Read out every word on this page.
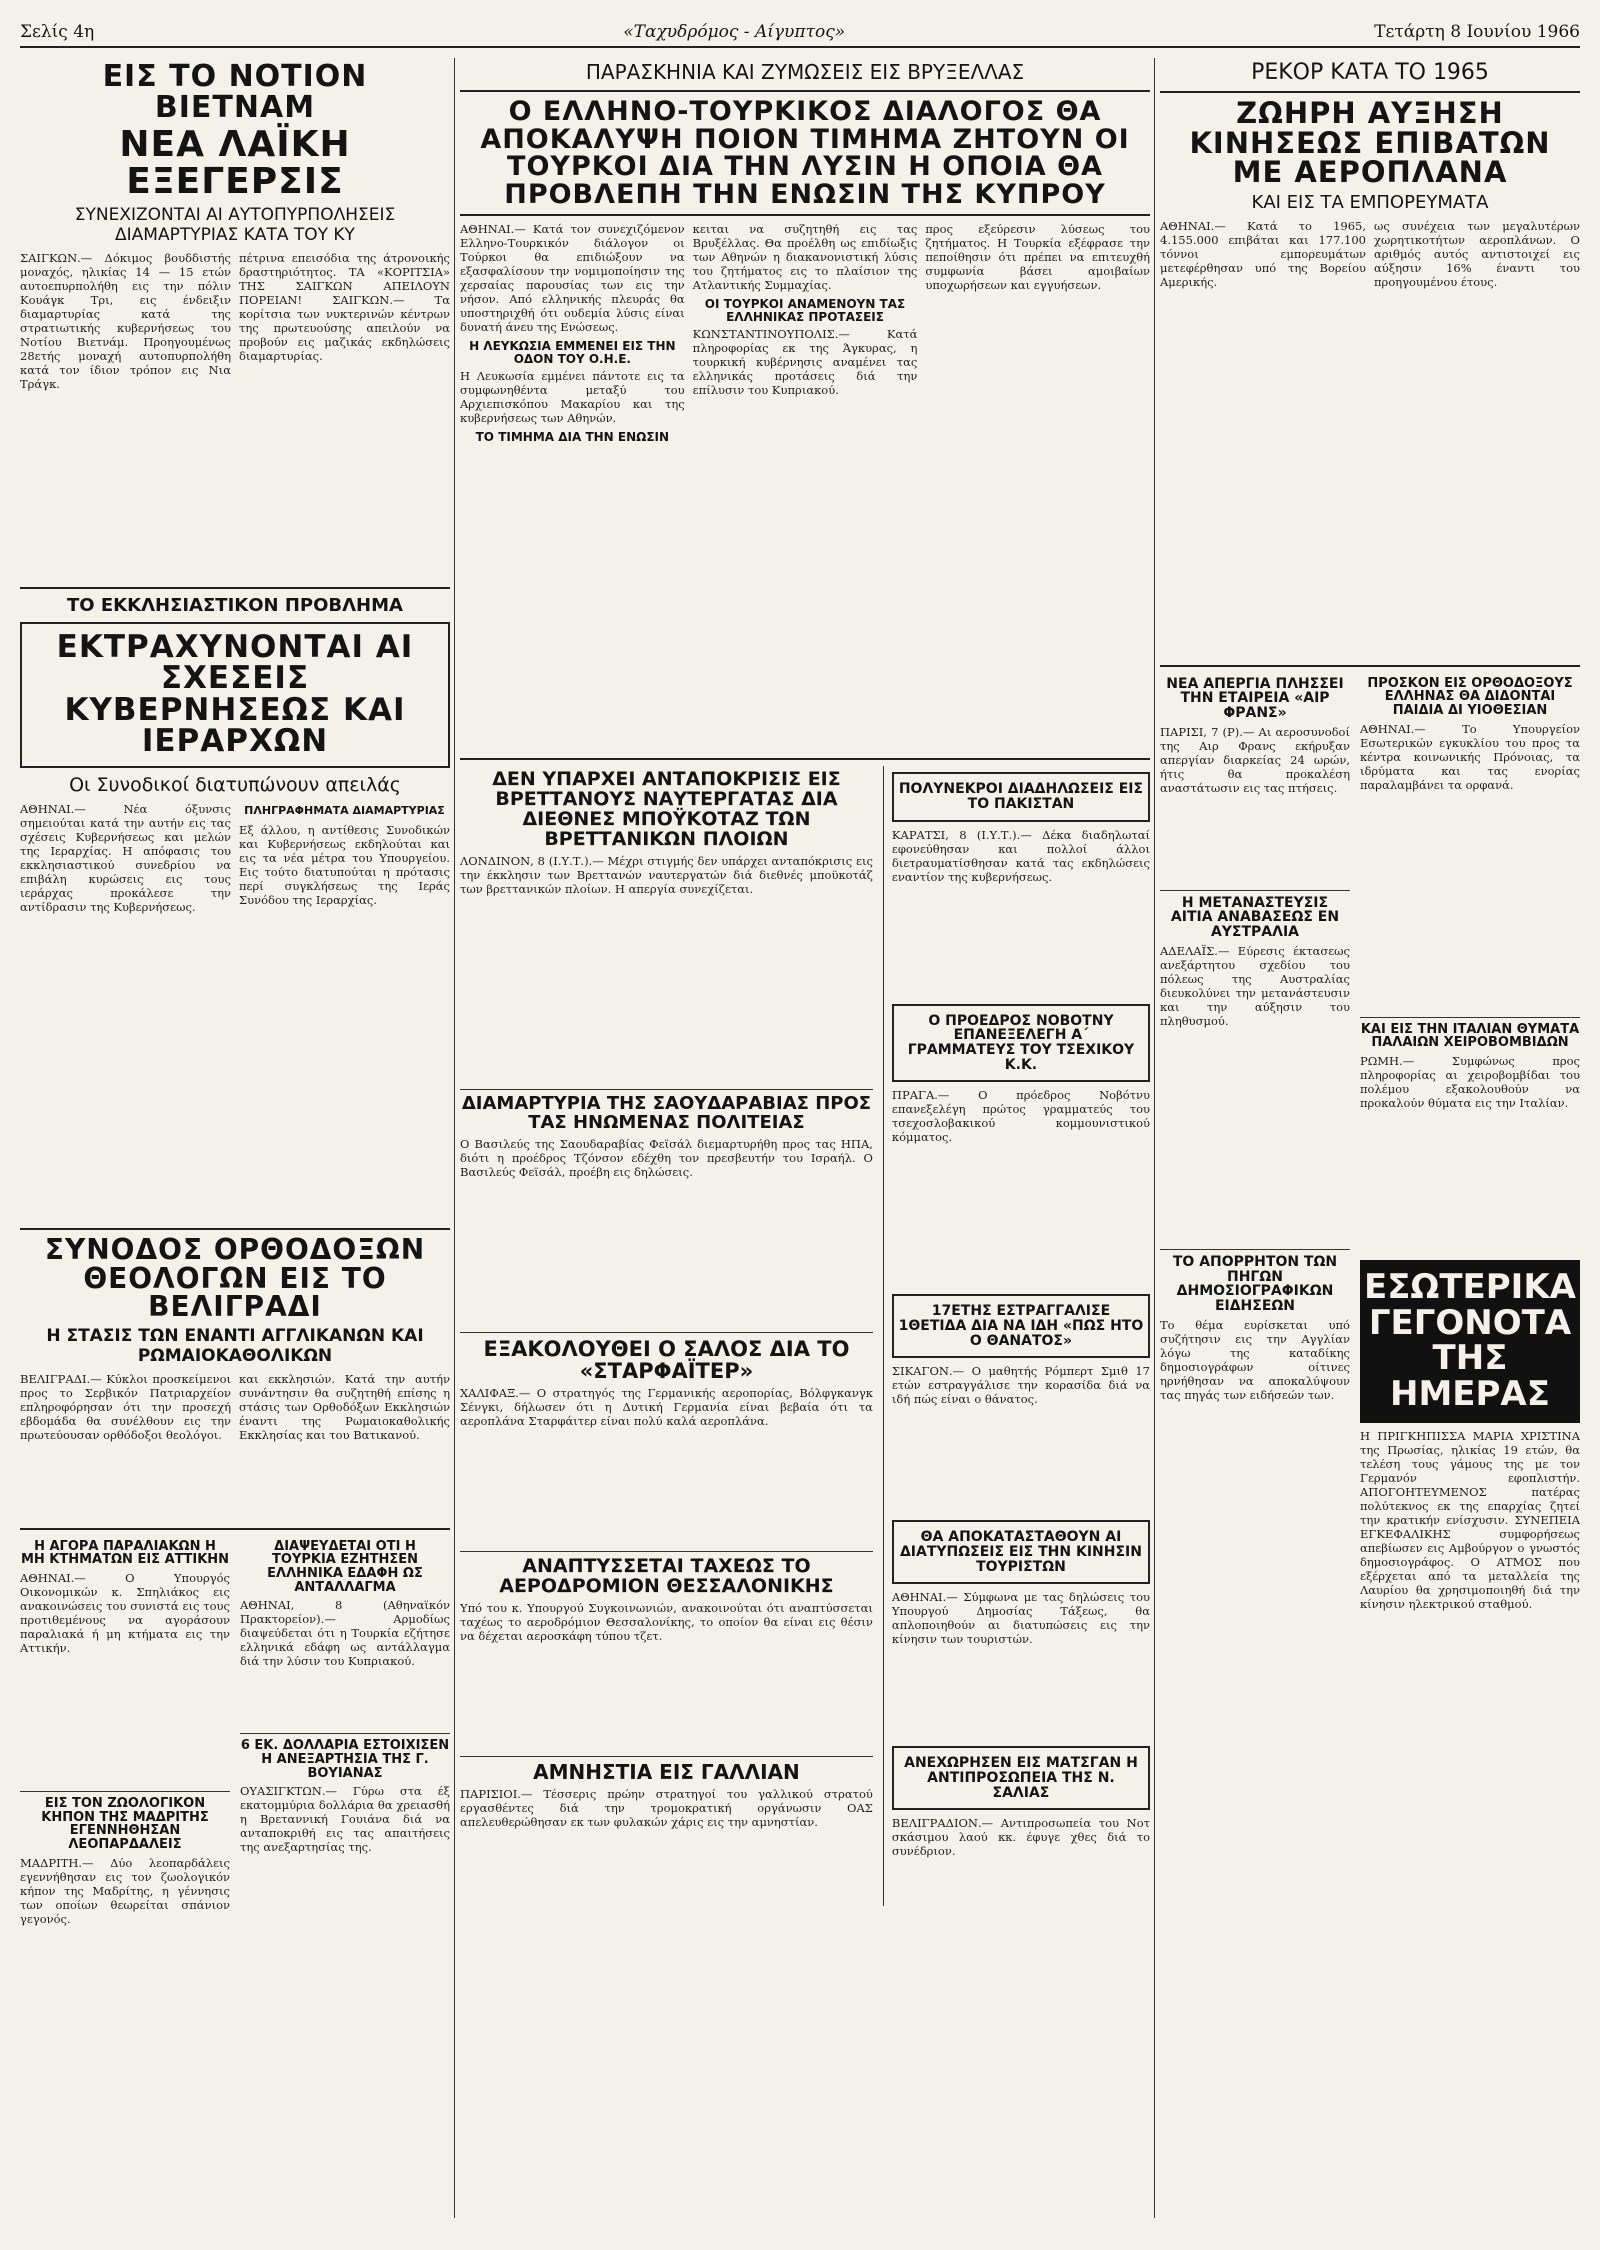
Σελίς 4η	«Ταχυδρόμος - Αίγυπτος»	Τετάρτη 8 Ιουνίου 1966
ΕΙΣ ΤΟ ΝΟΤΙΟΝ ΒΙΕΤΝΑΜ
ΝΕΑ ΛΑΪΚΗ ΕΞΕΓΕΡΣΙΣ
ΣΥΝΕΧΙΖΟΝΤΑΙ ΑΙ ΑΥΤΟΠΥΡΠΟΛΗΣΕΙΣ ΔΙΑΜΑΡΤΥΡΙΑΣ ΚΑΤΑ ΤΟΥ ΚΥ
ΣΑΙΓΚΩΝ.— Δόκιμος βουδδιστής μοναχός, ηλικίας 14 — 15 ετών αυτοεπυρπολήθη εις την πόλιν Κουάγκ Τρι, εις ένδειξιν διαμαρτυρίας κατά της στρατιωτικής κυβερνήσεως του Νοτίου Βιετνάμ. Προηγουμένως 28ετής μοναχή αυτοπυρπολήθη κατά τον ίδιον τρόπον εις Νια Τράγκ.
πέτρινα επεισόδια της άτρονοικής δραστηριότητος. ΤΑ «ΚΟΡΙΤΣΙΑ» ΤΗΣ ΣΑΙΓΚΩΝ ΑΠΕΙΛΟΥΝ ΠΟΡΕΙΑΝ! ΣΑΙΓΚΩΝ.— Τα κορίτσια των νυκτερινών κέντρων της πρωτευούσης απειλούν να προβούν εις μαζικάς εκδηλώσεις διαμαρτυρίας.
ΤΟ ΕΚΚΛΗΣΙΑΣΤΙΚΟΝ ΠΡΟΒΛΗΜΑ
ΕΚΤΡΑΧΥΝΟΝΤΑΙ ΑΙ ΣΧΕΣΕΙΣ ΚΥΒΕΡΝΗΣΕΩΣ ΚΑΙ ΙΕΡΑΡΧΩΝ
Οι Συνοδικοί διατυπώνουν απειλάς
ΑΘΗΝΑΙ.— Νέα όξυνσις σημειούται κατά την αυτήν εις τας σχέσεις Κυβερνήσεως και μελών της Ιεραρχίας. Η απόφασις του εκκλησιαστικού συνεδρίου να επιβάλη κυρώσεις εις τους ιεράρχας προκάλεσε την αντίδρασιν της Κυβερνήσεως.
ΠΛΗΓΡΑΦΗΜΑΤΑ ΔΙΑΜΑΡΤΥΡΙΑΣ
Εξ άλλου, η αντίθεσις Συνοδικών και Κυβερνήσεως εκδηλούται και εις τα νέα μέτρα του Υπουργείου. Εις τούτο διατυπούται η πρότασις περί συγκλήσεως της Ιεράς Συνόδου της Ιεραρχίας.
ΣΥΝΟΔΟΣ ΟΡΘΟΔΟΞΩΝ ΘΕΟΛΟΓΩΝ ΕΙΣ ΤΟ ΒΕΛΙΓΡΑΔΙ
Η ΣΤΑΣΙΣ ΤΩΝ ΕΝΑΝΤΙ ΑΓΓΛΙΚΑΝΩΝ ΚΑΙ ΡΩΜΑΙΟΚΑΘΟΛΙΚΩΝ
ΒΕΛΙΓΡΑΔΙ.— Κύκλοι προσκείμενοι προς το Σερβικόν Πατριαρχείον επληροφόρησαν ότι την προσεχή εβδομάδα θα συνέλθουν εις την πρωτεύουσαν ορθόδοξοι θεολόγοι.
και εκκλησιών. Κατά την αυτήν συνάντησιν θα συζητηθή επίσης η στάσις των Ορθοδόξων Εκκλησιών έναντι της Ρωμαιοκαθολικής Εκκλησίας και του Βατικανού.
Η ΑΓΟΡΑ ΠΑΡΑΛΙΑΚΩΝ Η ΜΗ ΚΤΗΜΑΤΩΝ ΕΙΣ ΑΤΤΙΚΗΝ
ΑΘΗΝΑΙ.— Ο Υπουργός Οικονομικών κ. Σπηλιάκος εις ανακοινώσεις του συνιστά εις τους προτιθεμένους να αγοράσουν παραλιακά ή μη κτήματα εις την Αττικήν.
ΕΙΣ ΤΟΝ ΖΩΟΛΟΓΙΚΟΝ ΚΗΠΟΝ ΤΗΣ ΜΑΔΡΙΤΗΣ ΕΓΕΝΝΗΘΗΣΑΝ ΛΕΟΠΑΡΔΑΛΕΙΣ
ΜΑΔΡΙΤΗ.— Δύο λεοπαρδάλεις εγεννήθησαν εις τον ζωολογικόν κήπον της Μαδρίτης, η γέννησις των οποίων θεωρείται σπάνιον γεγονός.
ΔΙΑΨΕΥΔΕΤΑΙ ΟΤΙ Η ΤΟΥΡΚΙΑ ΕΖΗΤΗΣΕΝ ΕΛΛΗΝΙΚΑ ΕΔΑΦΗ ΩΣ ΑΝΤΑΛΛΑΓΜΑ
ΑΘΗΝΑΙ, 8 (Αθηναϊκόν Πρακτορείον).— Αρμοδίως διαψεύδεται ότι η Τουρκία εζήτησε ελληνικά εδάφη ως αντάλλαγμα διά την λύσιν του Κυπριακού.
6 ΕΚ. ΔΟΛΛΑΡΙΑ ΕΣΤΟΙΧΙΣΕΝ Η ΑΝΕΞΑΡΤΗΣΙΑ ΤΗΣ Γ. ΒΟΥΙΑΝΑΣ
ΟΥΑΣΙΓΚΤΩΝ.— Γύρω στα έξ εκατομμύρια δολλάρια θα χρειασθή η Βρεταννική Γουιάνα διά να ανταποκριθή εις τας απαιτήσεις της ανεξαρτησίας της.
ΠΑΡΑΣΚΗΝΙΑ ΚΑΙ ΖΥΜΩΣΕΙΣ ΕΙΣ ΒΡΥΞΕΛΛΑΣ
Ο ΕΛΛΗΝΟ-ΤΟΥΡΚΙΚΟΣ ΔΙΑΛΟΓΟΣ ΘΑ ΑΠΟΚΑΛΥΨΗ ΠΟΙΟΝ ΤΙΜΗΜΑ ΖΗΤΟΥΝ ΟΙ ΤΟΥΡΚΟΙ ΔΙΑ ΤΗΝ ΛΥΣΙΝ Η ΟΠΟΙΑ ΘΑ ΠΡΟΒΛΕΠΗ ΤΗΝ ΕΝΩΣΙΝ ΤΗΣ ΚΥΠΡΟΥ
ΑΘΗΝΑΙ.— Κατά τον συνεχιζόμενον Ελληνο-Τουρκικόν διάλογον οι Τούρκοι θα επιδιώξουν να εξασφαλίσουν την νομιμοποίησιν της χερσαίας παρουσίας των εις την νήσον. Από ελληνικής πλευράς θα υποστηριχθή ότι ουδεμία λύσις είναι δυνατή άνευ της Ενώσεως.
Η ΛΕΥΚΩΣΙΑ ΕΜΜΕΝΕΙ ΕΙΣ ΤΗΝ ΟΔΟΝ ΤΟΥ Ο.Η.Ε.
Η Λευκωσία εμμένει πάντοτε εις τα συμφωνηθέντα μεταξύ του Αρχιεπισκόπου Μακαρίου και της κυβερνήσεως των Αθηνών.
ΤΟ ΤΙΜΗΜΑ ΔΙΑ ΤΗΝ ΕΝΩΣΙΝ
κειται να συζητηθή εις τας Βρυξέλλας. Θα προέλθη ως επιδίωξις των Αθηνών η διακανονιστική λύσις του ζητήματος εις το πλαίσιον της Ατλαντικής Συμμαχίας.
ΟΙ ΤΟΥΡΚΟΙ ΑΝΑΜΕΝΟΥΝ ΤΑΣ ΕΛΛΗΝΙΚΑΣ ΠΡΟΤΑΣΕΙΣ
ΚΩΝΣΤΑΝΤΙΝΟΥΠΟΛΙΣ.— Κατά πληροφορίας εκ της Άγκυρας, η τουρκική κυβέρνησις αναμένει τας ελληνικάς προτάσεις διά την επίλυσιν του Κυπριακού.
προς εξεύρεσιν λύσεως του ζητήματος. Η Τουρκία εξέφρασε την πεποίθησιν ότι πρέπει να επιτευχθή συμφωνία βάσει αμοιβαίων υποχωρήσεων και εγγυήσεων.
ΔΕΝ ΥΠΑΡΧΕΙ ΑΝΤΑΠΟΚΡΙΣΙΣ ΕΙΣ ΒΡΕΤΤΑΝΟΥΣ ΝΑΥΤΕΡΓΑΤΑΣ ΔΙΑ ΔΙΕΘΝΕΣ ΜΠΟΫΚΟΤΑΖ ΤΩΝ ΒΡΕΤΤΑΝΙΚΩΝ ΠΛΟΙΩΝ
ΛΟΝΔΙΝΟΝ, 8 (Ι.Υ.Τ.).— Μέχρι στιγμής δεν υπάρχει ανταπόκρισις εις την έκκλησιν των Βρεττανών ναυτεργατών διά διεθνές μποϋκοτάζ των βρεττανικών πλοίων. Η απεργία συνεχίζεται.
ΔΙΑΜΑΡΤΥΡΙΑ ΤΗΣ ΣΑΟΥΔΑΡΑΒΙΑΣ ΠΡΟΣ ΤΑΣ ΗΝΩΜΕΝΑΣ ΠΟΛΙΤΕΙΑΣ
Ο Βασιλεύς της Σαουδαραβίας Φεϊσάλ διεμαρτυρήθη προς τας ΗΠΑ, διότι η προέδρος Τζόνσον εδέχθη τον πρεσβευτήν του Ισραήλ. Ο Βασιλεύς Φεϊσάλ, προέβη εις δηλώσεις.
ΕΞΑΚΟΛΟΥΘΕΙ Ο ΣΑΛΟΣ ΔΙΑ ΤΟ «ΣΤΑΡΦΑΪΤΕΡ»
ΧΑΛΙΦΑΞ.— Ο στρατηγός της Γερμανικής αεροπορίας, Βόλφγκανγκ Σένγκι, δήλωσεν ότι η Δυτική Γερμανία είναι βεβαία ότι τα αεροπλάνα Σταρφάιτερ είναι πολύ καλά αεροπλάνα.
ΑΝΑΠΤΥΣΣΕΤΑΙ ΤΑΧΕΩΣ ΤΟ ΑΕΡΟΔΡΟΜΙΟΝ ΘΕΣΣΑΛΟΝΙΚΗΣ
Υπό του κ. Υπουργού Συγκοινωνιών, ανακοινούται ότι αναπτύσσεται ταχέως το αεροδρόμιον Θεσσαλονίκης, το οποίον θα είναι εις θέσιν να δέχεται αεροσκάφη τύπου τζετ.
ΑΜΝΗΣΤΙΑ ΕΙΣ ΓΑΛΛΙΑΝ
ΠΑΡΙΣΙΟΙ.— Τέσσερις πρώην στρατηγοί του γαλλικού στρατού εργασθέντες διά την τρομοκρατική οργάνωσιν ΟΑΣ απελευθερώθησαν εκ των φυλακών χάρις εις την αμνηστίαν.
ΠΟΛΥΝΕΚΡΟΙ ΔΙΑΔΗΛΩΣΕΙΣ ΕΙΣ ΤΟ ΠΑΚΙΣΤΑΝ
ΚΑΡΑΤΣΙ, 8 (Ι.Υ.Τ.).— Δέκα διαδηλωταί εφονεύθησαν και πολλοί άλλοι διετραυματίσθησαν κατά τας εκδηλώσεις εναντίον της κυβερνήσεως.
Ο ΠΡΟΕΔΡΟΣ ΝΟΒΟΤΝΥ ΕΠΑΝΕΞΕΛΕΓΗ Α΄ ΓΡΑΜΜΑΤΕΥΣ ΤΟΥ ΤΣΕΧΙΚΟΥ Κ.Κ.
ΠΡΑΓΑ.— Ο πρόεδρος Νοβότνυ επανεξελέγη πρώτος γραμματεύς του τσεχοσλοβακικού κομμουνιστικού κόμματος.
17ΕΤΗΣ ΕΣΤΡΑΓΓΑΛΙΣΕ 1ΘΕΤΙΔΑ ΔΙΑ ΝΑ ΙΔΗ «ΠΩΣ ΗΤΟ Ο ΘΑΝΑΤΟΣ»
ΣΙΚΑΓΟΝ.— Ο μαθητής Ρόμπερτ Σμιθ 17 ετών εστραγγάλισε την κορασίδα διά να ιδή πώς είναι ο θάνατος.
ΘΑ ΑΠΟΚΑΤΑΣΤΑΘΟΥΝ ΑΙ ΔΙΑΤΥΠΩΣΕΙΣ ΕΙΣ ΤΗΝ ΚΙΝΗΣΙΝ ΤΟΥΡΙΣΤΩΝ
ΑΘΗΝΑΙ.— Σύμφωνα με τας δηλώσεις του Υπουργού Δημοσίας Τάξεως, θα απλοποιηθούν αι διατυπώσεις εις την κίνησιν των τουριστών.
ΑΝΕΧΩΡΗΣΕΝ ΕΙΣ ΜΑΤΣΓΑΝ Η ΑΝΤΙΠΡΟΣΩΠΕΙΑ ΤΗΣ Ν. ΣΑΛΙΑΣ
ΒΕΛΙΓΡΑΔΙΟΝ.— Αντιπροσωπεία του Νοτ σκάσιμου λαού κκ. έφυγε χθες διά το συνέδριον.
ΡΕΚΟΡ ΚΑΤΑ ΤΟ 1965
ΖΩΗΡΗ ΑΥΞΗΣΗ ΚΙΝΗΣΕΩΣ ΕΠΙΒΑΤΩΝ ΜΕ ΑΕΡΟΠΛΑΝΑ
ΚΑΙ ΕΙΣ ΤΑ ΕΜΠΟΡΕΥΜΑΤΑ
ΑΘΗΝΑΙ.— Κατά το 1965, 4.155.000 επιβάται και 177.100 τόννοι εμπορευμάτων μετεφέρθησαν υπό της Βορείου Αμερικής.
ως συνέχεια των μεγαλυτέρων χωρητικοτήτων αεροπλάνων. Ο αριθμός αυτός αντιστοιχεί εις αύξησιν 16% έναντι του προηγουμένου έτους.
ΝΕΑ ΑΠΕΡΓΙΑ ΠΛΗΣΣΕΙ ΤΗΝ ΕΤΑΙΡΕΙΑ «ΑΙΡ ΦΡΑΝΣ»
ΠΑΡΙΣΙ, 7 (Ρ).— Αι αεροσυνοδοί της Αιρ Φρανς εκήρυξαν απεργίαν διαρκείας 24 ωρών, ήτις θα προκαλέση αναστάτωσιν εις τας πτήσεις.
Η ΜΕΤΑΝΑΣΤΕΥΣΙΣ ΑΙΤΙΑ ΑΝΑΒΑΣΕΩΣ ΕΝ ΑΥΣΤΡΑΛΙΑ
ΑΔΕΛΑΪΣ.— Εύρεσις έκτασεως ανεξάρτητου σχεδίου του πόλεως της Αυστραλίας διευκολύνει την μετανάστευσιν και την αύξησιν του πληθυσμού.
ΤΟ ΑΠΟΡΡΗΤΟΝ ΤΩΝ ΠΗΓΩΝ ΔΗΜΟΣΙΟΓΡΑΦΙΚΩΝ ΕΙΔΗΣΕΩΝ
Το θέμα ευρίσκεται υπό συζήτησιν εις την Αγγλίαν λόγω της καταδίκης δημοσιογράφων οίτινες ηρνήθησαν να αποκαλύψουν τας πηγάς των ειδήσεών των.
ΠΡΟΣΚΟΝ ΕΙΣ ΟΡΘΟΔΟΞΟΥΣ ΕΛΛΗΝΑΣ ΘΑ ΔΙΔΟΝΤΑΙ ΠΑΙΔΙΑ ΔΙ ΥΙΟΘΕΣΙΑΝ
ΑΘΗΝΑΙ.— Το Υπουργείον Εσωτερικών εγκυκλίου του προς τα κέντρα κοινωνικής Πρόνοιας, τα ιδρύματα και τας ενορίας παραλαμβάνει τα ορφανά.
ΚΑΙ ΕΙΣ ΤΗΝ ΙΤΑΛΙΑΝ ΘΥΜΑΤΑ ΠΑΛΑΙΩΝ ΧΕΙΡΟΒΟΜΒΙΔΩΝ
ΡΩΜΗ.— Συμφώνως προς πληροφορίας αι χειροβομβίδαι του πολέμου εξακολουθούν να προκαλούν θύματα εις την Ιταλίαν.
ΕΣΩΤΕΡΙΚΑ ΓΕΓΟΝΟΤΑ ΤΗΣ ΗΜΕΡΑΣ
Η ΠΡΙΓΚΗΠΙΣΣΑ ΜΑΡΙΑ ΧΡΙΣΤΙΝΑ της Πρωσίας, ηλικίας 19 ετών, θα τελέση τους γάμους της με τον Γερμανόν εφοπλιστήν. ΑΠΟΓΟΗΤΕΥΜΕΝΟΣ πατέρας πολύτεκνος εκ της επαρχίας ζητεί την κρατικήν ενίσχυσιν. ΣΥΝΕΠΕΙΑ ΕΓΚΕΦΑΛΙΚΗΣ συμφορήσεως απεβίωσεν εις Αμβούργον ο γνωστός δημοσιογράφος. Ο ΑΤΜΟΣ που εξέρχεται από τα μεταλλεία της Λαυρίου θα χρησιμοποιηθή διά την κίνησιν ηλεκτρικού σταθμού.
